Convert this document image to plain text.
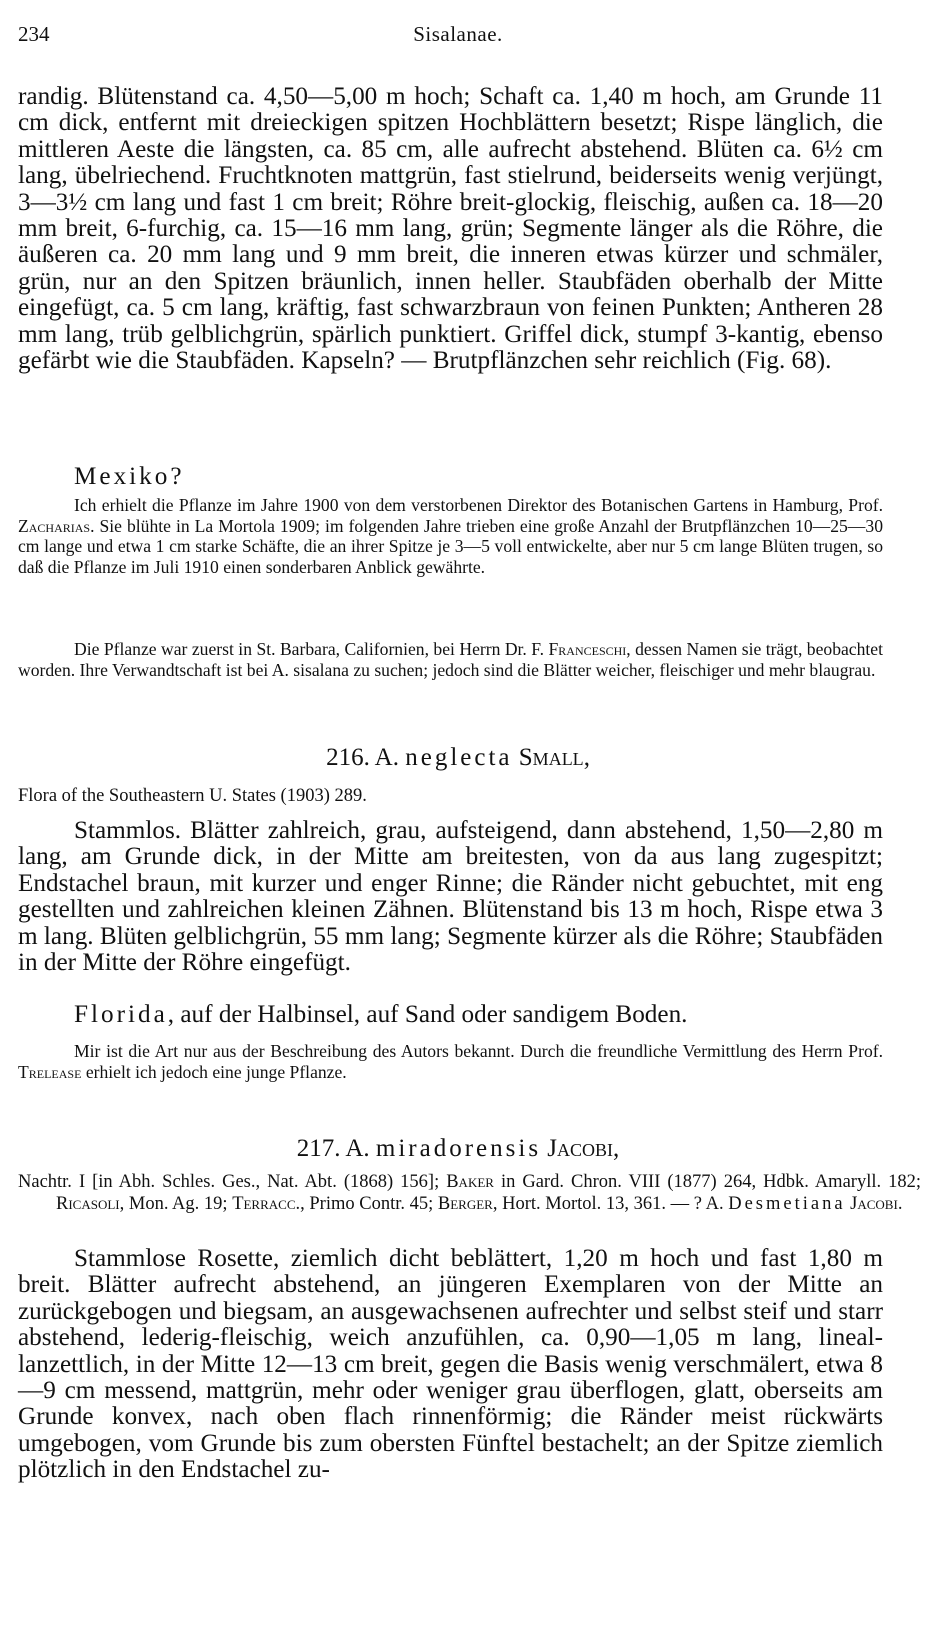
234	Sisalanae.
randig. Blütenstand ca. 4,50—5,00 m hoch; Schaft ca. 1,40 m hoch, am Grunde 11 cm dick, entfernt mit dreieckigen spitzen Hochblättern besetzt; Rispe länglich, die mittleren Aeste die längsten, ca. 85 cm, alle aufrecht abstehend. Blüten ca. 6½ cm lang, übelriechend. Fruchtknoten mattgrün, fast stielrund, beiderseits wenig verjüngt, 3—3½ cm lang und fast 1 cm breit; Röhre breit-glockig, fleischig, außen ca. 18—20 mm breit, 6-furchig, ca. 15—16 mm lang, grün; Segmente länger als die Röhre, die äußeren ca. 20 mm lang und 9 mm breit, die inneren etwas kürzer und schmäler, grün, nur an den Spitzen bräunlich, innen heller. Staubfäden oberhalb der Mitte eingefügt, ca. 5 cm lang, kräftig, fast schwarzbraun von feinen Punkten; Antheren 28 mm lang, trüb gelblichgrün, spärlich punktiert. Griffel dick, stumpf 3-kantig, ebenso gefärbt wie die Staubfäden. Kapseln? — Brutpflänzchen sehr reichlich (Fig. 68).
Mexiko?
Ich erhielt die Pflanze im Jahre 1900 von dem verstorbenen Direktor des Botanischen Gartens in Hamburg, Prof. Zacharias. Sie blühte in La Mortola 1909; im folgenden Jahre trieben eine große Anzahl der Brutpflänzchen 10—25—30 cm lange und etwa 1 cm starke Schäfte, die an ihrer Spitze je 3—5 voll entwickelte, aber nur 5 cm lange Blüten trugen, so daß die Pflanze im Juli 1910 einen sonderbaren Anblick gewährte.
Die Pflanze war zuerst in St. Barbara, Californien, bei Herrn Dr. F. Franceschi, dessen Namen sie trägt, beobachtet worden. Ihre Verwandtschaft ist bei A. sisalana zu suchen; jedoch sind die Blätter weicher, fleischiger und mehr blaugrau.
216. A. neglecta Small,
Flora of the Southeastern U. States (1903) 289.
Stammlos. Blätter zahlreich, grau, aufsteigend, dann abstehend, 1,50—2,80 m lang, am Grunde dick, in der Mitte am breitesten, von da aus lang zugespitzt; Endstachel braun, mit kurzer und enger Rinne; die Ränder nicht gebuchtet, mit eng gestellten und zahlreichen kleinen Zähnen. Blütenstand bis 13 m hoch, Rispe etwa 3 m lang. Blüten gelblichgrün, 55 mm lang; Segmente kürzer als die Röhre; Staubfäden in der Mitte der Röhre eingefügt.
Florida, auf der Halbinsel, auf Sand oder sandigem Boden.
Mir ist die Art nur aus der Beschreibung des Autors bekannt. Durch die freundliche Vermittlung des Herrn Prof. Trelease erhielt ich jedoch eine junge Pflanze.
217. A. miradorensis Jacobi,
Nachtr. I [in Abh. Schles. Ges., Nat. Abt. (1868) 156]; Baker in Gard. Chron. VIII (1877) 264, Hdbk. Amaryll. 182; Ricasoli, Mon. Ag. 19; Terracc., Primo Contr. 45; Berger, Hort. Mortol. 13, 361. — ? A. Desmetiana Jacobi.
Stammlose Rosette, ziemlich dicht beblättert, 1,20 m hoch und fast 1,80 m breit. Blätter aufrecht abstehend, an jüngeren Exemplaren von der Mitte an zurückgebogen und biegsam, an ausgewachsenen aufrechter und selbst steif und starr abstehend, lederig-fleischig, weich anzufühlen, ca. 0,90—1,05 m lang, lineal-lanzettlich, in der Mitte 12—13 cm breit, gegen die Basis wenig verschmälert, etwa 8—9 cm messend, mattgrün, mehr oder weniger grau überflogen, glatt, oberseits am Grunde konvex, nach oben flach rinnenförmig; die Ränder meist rückwärts umgebogen, vom Grunde bis zum obersten Fünftel bestachelt; an der Spitze ziemlich plötzlich in den Endstachel zu-
